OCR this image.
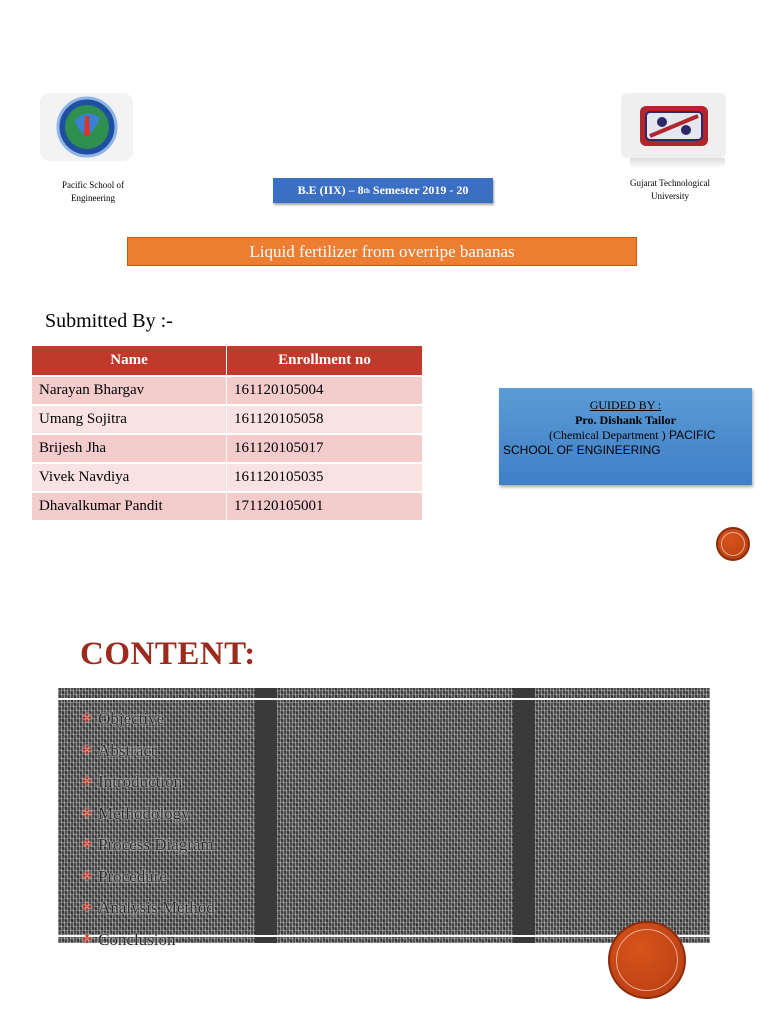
Pacific School of Engineering
Gujarat Technological University
B.E (IIX) – 8 th Semester 2019 - 20
Liquid fertilizer from overripe bananas
Submitted By :-
Name	Enrollment no
Narayan Bhargav	161120105004
Umang Sojitra	161120105058
Brijesh Jha	161120105017
Vivek Navdiya	161120105035
Dhavalkumar Pandit	171120105001
GUIDED BY :
Pro. Dishank Tailor
(Chemical Department ) PACIFIC SCHOOL OF ENGINEERING
CONTENT:
✤ Objective
✤ Abstract
✤ Introduction
✤ Methodology
✤ Process Diagram
✤ Procedure
✤ Analysis Method
✤ Conclusion
